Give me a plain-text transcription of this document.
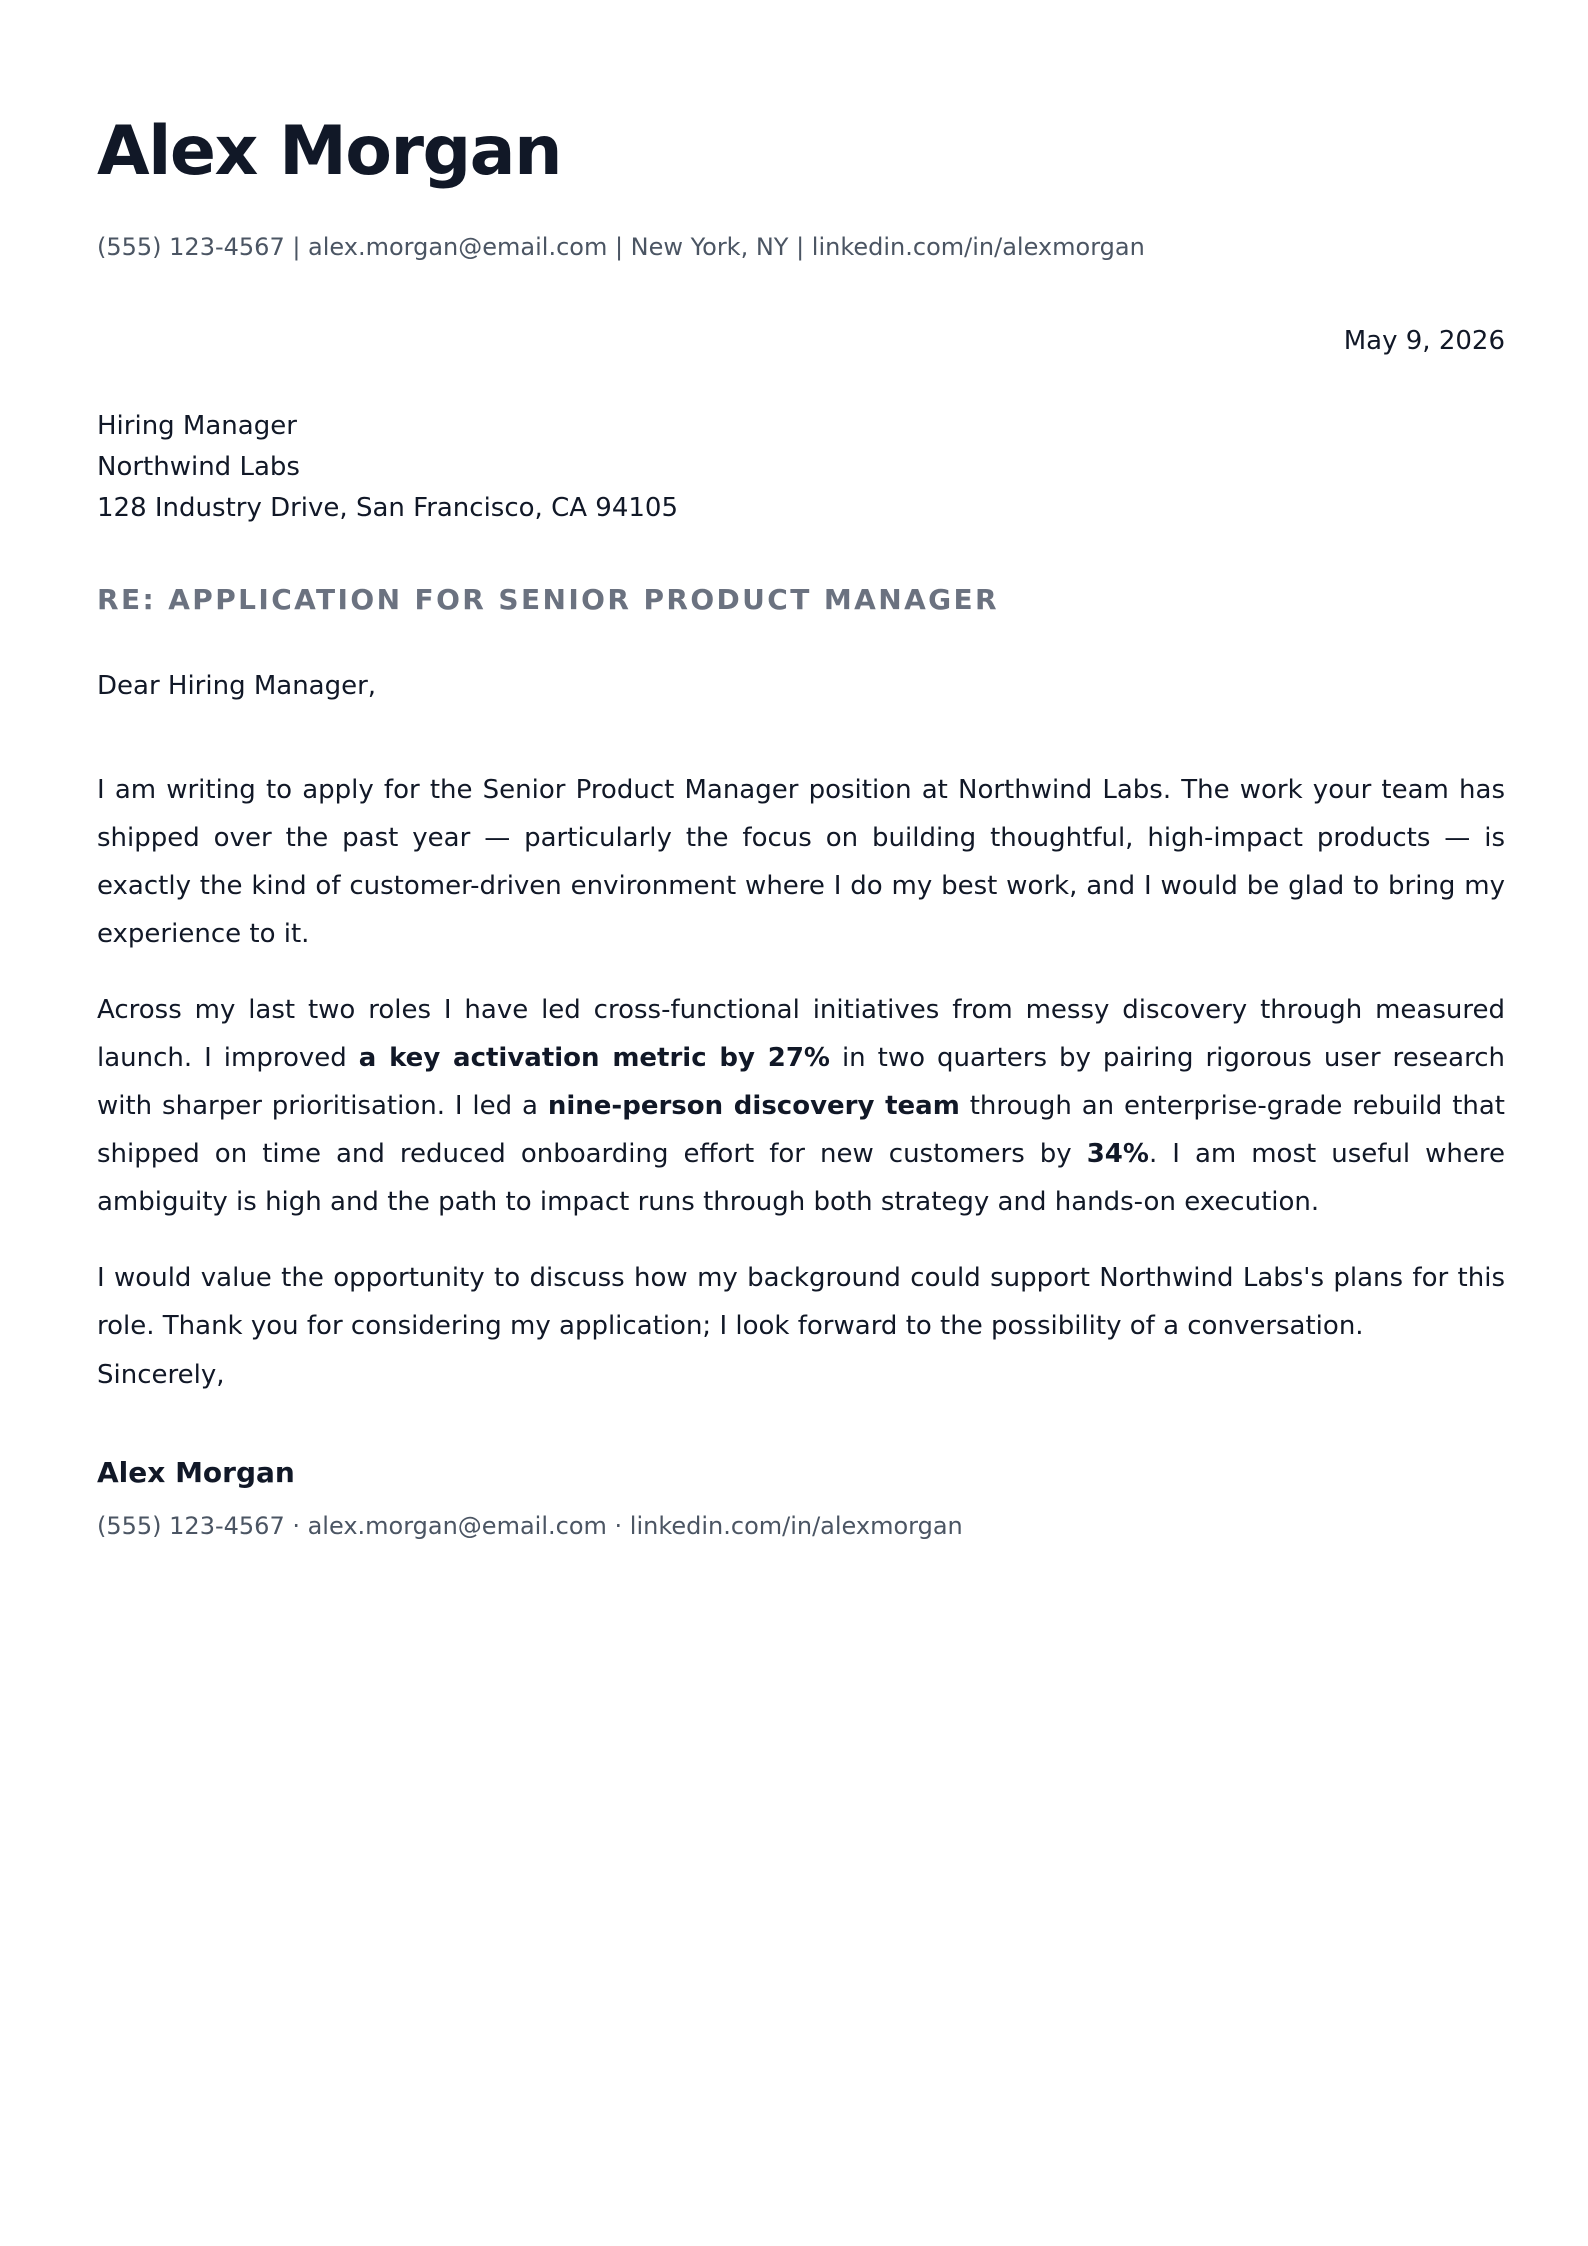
Alex Morgan
(555) 123-4567 | alex.morgan@email.com | New York, NY | linkedin.com/in/alexmorgan
May 9, 2026
Hiring Manager
Northwind Labs
128 Industry Drive, San Francisco, CA 94105
RE: APPLICATION FOR SENIOR PRODUCT MANAGER
Dear Hiring Manager,

I am writing to apply for the Senior Product Manager position at Northwind Labs. The work your team has shipped over the past year — particularly the focus on building thoughtful, high-impact products — is exactly the kind of customer-driven environment where I do my best work, and I would be glad to bring my experience to it.

Across my last two roles I have led cross-functional initiatives from messy discovery through measured launch. I improved a key activation metric by 27% in two quarters by pairing rigorous user research with sharper prioritisation. I led a nine-person discovery team through an enterprise-grade rebuild that shipped on time and reduced onboarding effort for new customers by 34%. I am most useful where ambiguity is high and the path to impact runs through both strategy and hands-on execution.

I would value the opportunity to discuss how my background could support Northwind Labs's plans for this role. Thank you for considering my application; I look forward to the possibility of a conversation.

Sincerely,
Alex Morgan
(555) 123-4567 · alex.morgan@email.com · linkedin.com/in/alexmorgan
